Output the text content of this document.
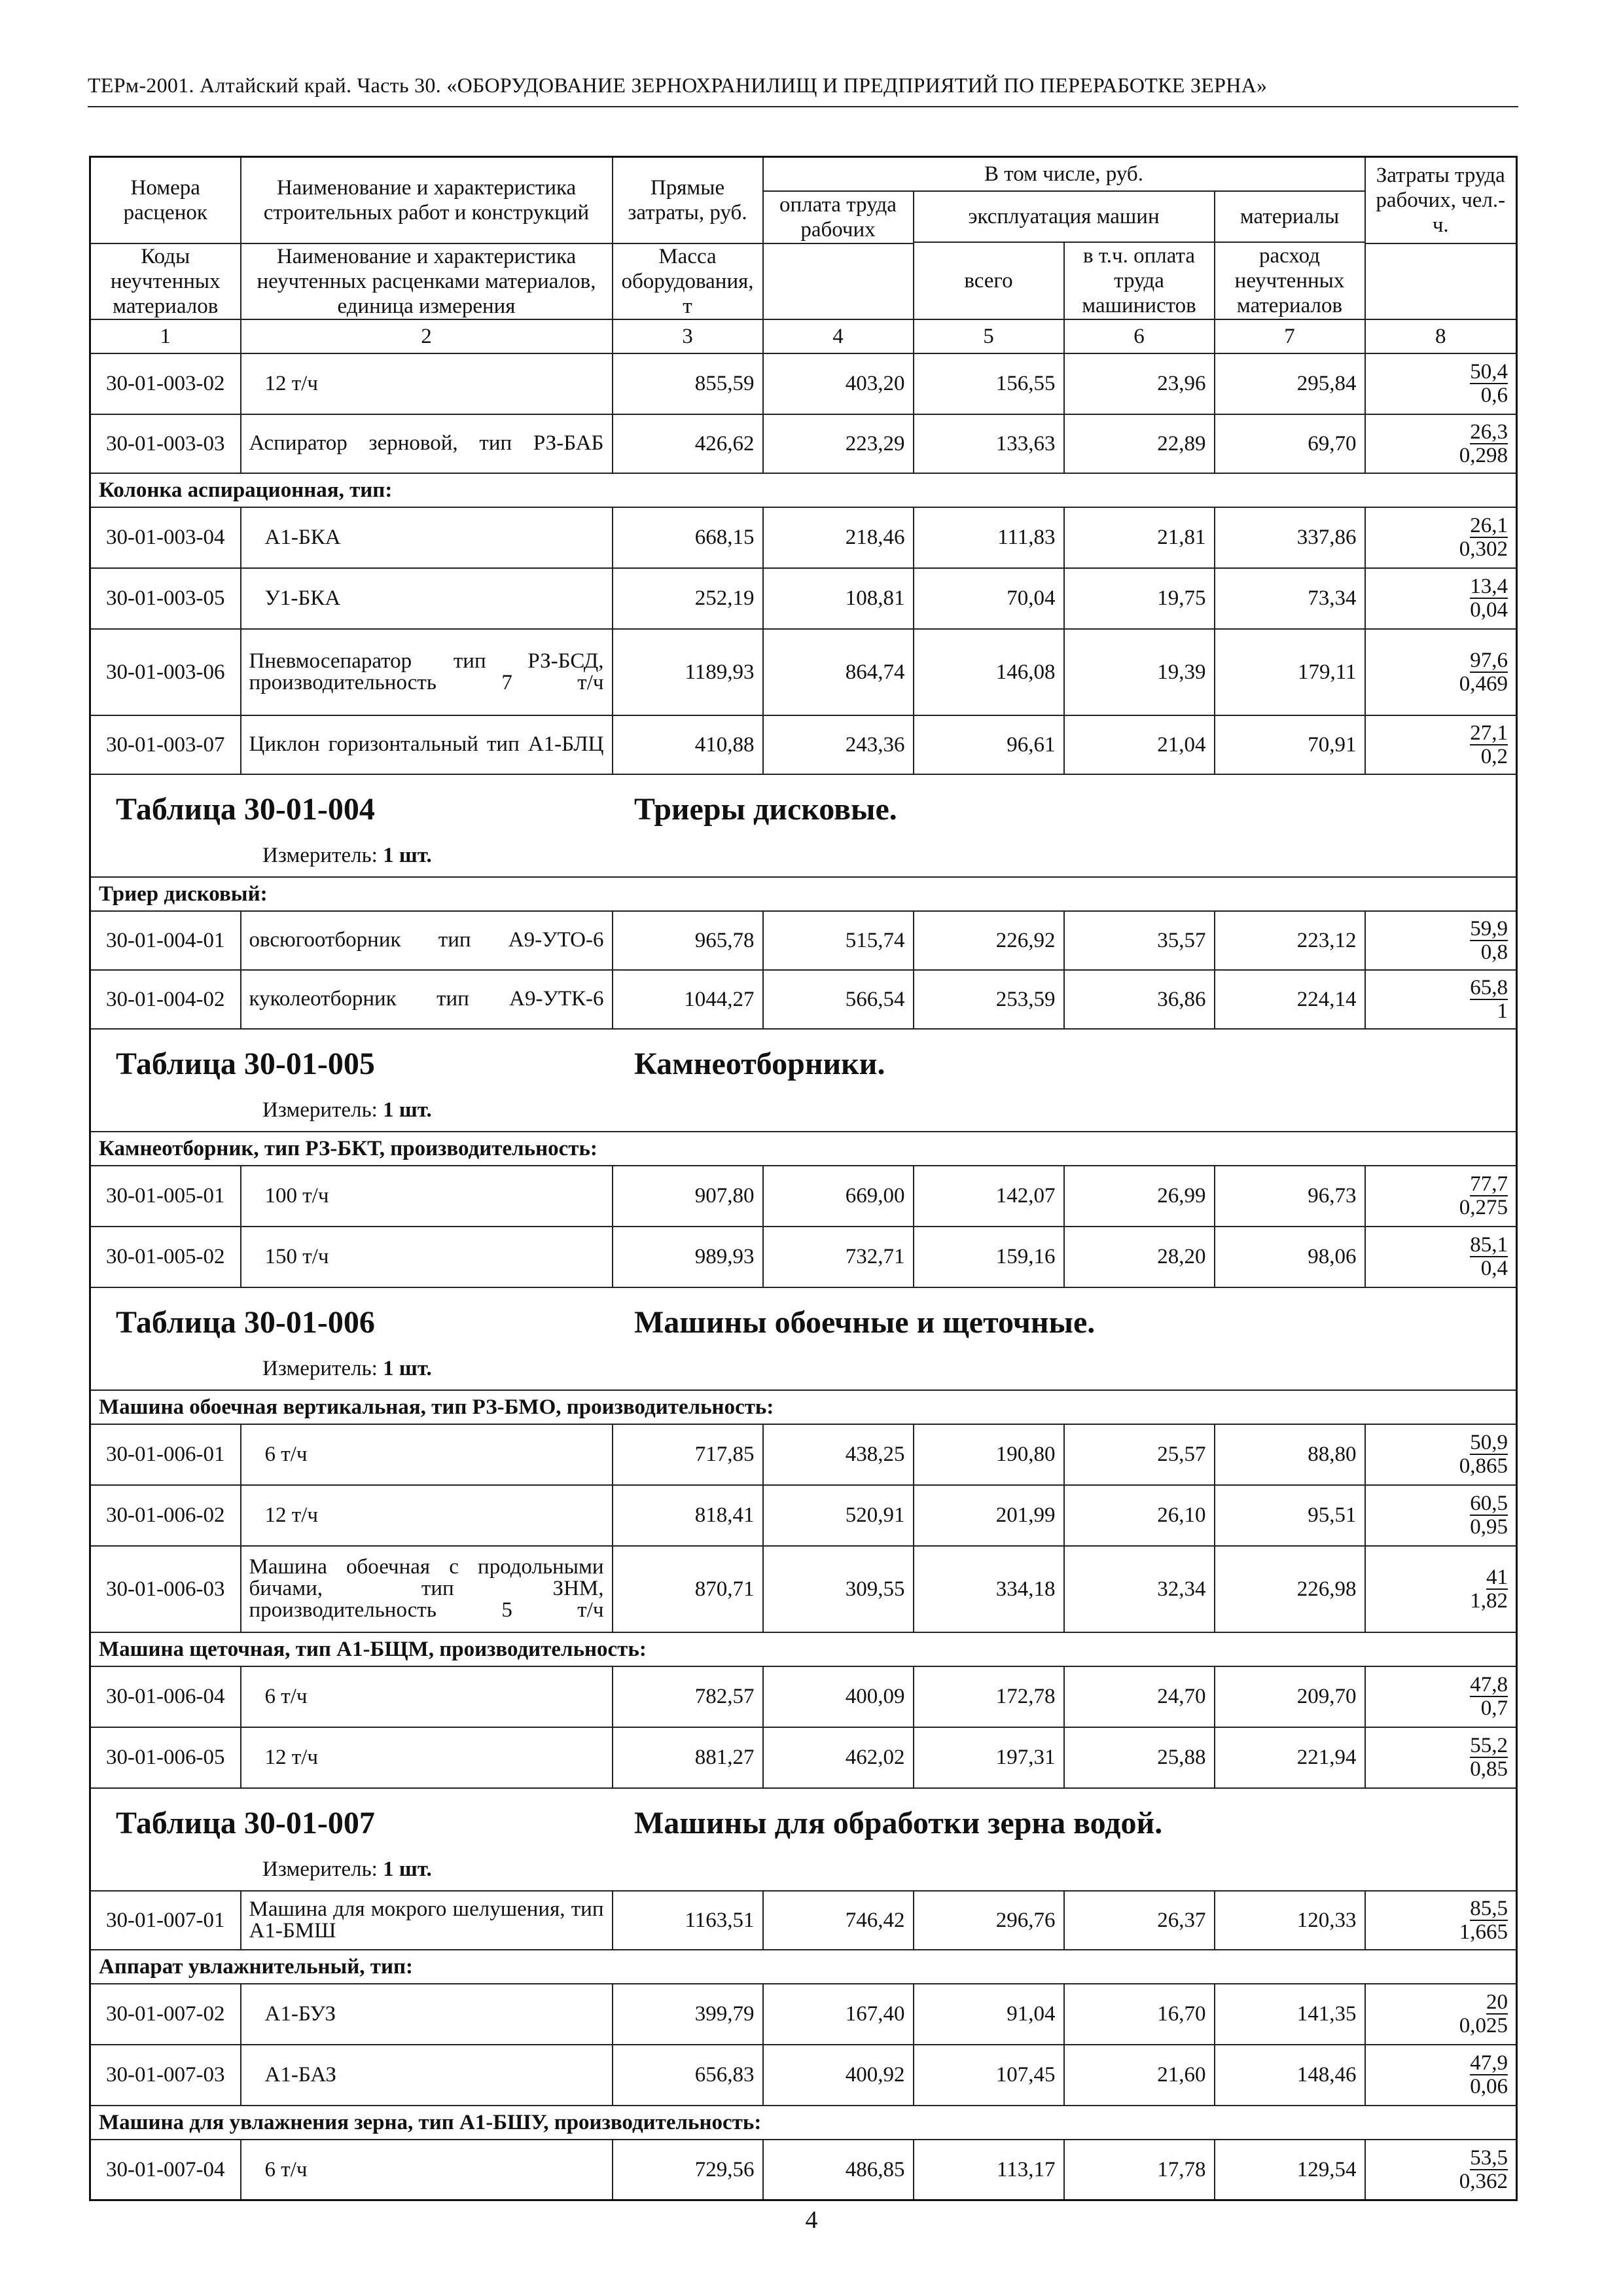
ТЕРм-2001. Алтайский край. Часть 30. «ОБОРУДОВАНИЕ ЗЕРНОХРАНИЛИЩ И ПРЕДПРИЯТИЙ ПО ПЕРЕРАБОТКЕ ЗЕРНА»
Номера расценок	Наименование и характеристика строительных работ и конструкций	Прямые затраты, руб.	В том числе, руб.				Затраты труда рабочих, чел.-ч.
			оплата труда рабочих	эксплуатация машин		материалы	
				всего	в т.ч. оплата труда машинистов	расход неучтенных материалов	
Коды неучтенных материалов	Наименование и характеристика неучтенных расценками материалов, единица измерения	Масса оборудования, т					
1	2	3	4	5	6	7	8
30-01-003-02	12 т/ч	855,59	403,20	156,55	23,96	295,84	$\frac{50,4}{0,6}$

30-01-003-03	Аспиратор зерновой, тип РЗ-БАБ	426,62	223,29	133,63	22,89	69,70	$\frac{26,3}{0,298}$

Колонка аспирационная, тип:							
30-01-003-04	А1-БКА	668,15	218,46	111,83	21,81	337,86	$\frac{26,1}{0,302}$

30-01-003-05	У1-БКА	252,19	108,81	70,04	19,75	73,34	$\frac{13,4}{0,04}$

30-01-003-06	Пневмосепаратор тип РЗ-БСД, производительность 7 т/ч	1189,93	864,74	146,08	19,39	179,11	$\frac{97,6}{0,469}$

30-01-003-07	Циклон горизонтальный тип А1-БЛЦ	410,88	243,36	96,61	21,04	70,91	$\frac{27,1}{0,2}$

Таблица 30-01-004 Триеры дисковые.
Измеритель: 1 шт.							

Триер дисковый:							
30-01-004-01	овсюгоотборник тип А9-УТО-6	965,78	515,74	226,92	35,57	223,12	$\frac{59,9}{0,8}$

30-01-004-02	куколеотборник тип А9-УТК-6	1044,27	566,54	253,59	36,86	224,14	$\frac{65,8}{1}$

Таблица 30-01-005 Камнеотборники.
Измеритель: 1 шт.							

Камнеотборник, тип РЗ-БКТ, производительность:							
30-01-005-01	100 т/ч	907,80	669,00	142,07	26,99	96,73	$\frac{77,7}{0,275}$

30-01-005-02	150 т/ч	989,93	732,71	159,16	28,20	98,06	$\frac{85,1}{0,4}$

Таблица 30-01-006 Машины обоечные и щеточные.
Измеритель: 1 шт.							

Машина обоечная вертикальная, тип РЗ-БМО, производительность:							
30-01-006-01	6 т/ч	717,85	438,25	190,80	25,57	88,80	$\frac{50,9}{0,865}$

30-01-006-02	12 т/ч	818,41	520,91	201,99	26,10	95,51	$\frac{60,5}{0,95}$

30-01-006-03	Машина обоечная с продольными бичами, тип ЗНМ, производительность 5 т/ч	870,71	309,55	334,18	32,34	226,98	$\frac{41}{1,82}$

Машина щеточная, тип А1-БЩМ, производительность:							
30-01-006-04	6 т/ч	782,57	400,09	172,78	24,70	209,70	$\frac{47,8}{0,7}$

30-01-006-05	12 т/ч	881,27	462,02	197,31	25,88	221,94	$\frac{55,2}{0,85}$

Таблица 30-01-007 Машины для обработки зерна водой.
Измеритель: 1 шт.							

30-01-007-01	Машина для мокрого шелушения, тип А1-БМШ	1163,51	746,42	296,76	26,37	120,33	$\frac{85,5}{1,665}$

Аппарат увлажнительный, тип:							
30-01-007-02	А1-БУЗ	399,79	167,40	91,04	16,70	141,35	$\frac{20}{0,025}$

30-01-007-03	А1-БАЗ	656,83	400,92	107,45	21,60	148,46	$\frac{47,9}{0,06}$

Машина для увлажнения зерна, тип А1-БШУ, производительность:							
30-01-007-04	6 т/ч	729,56	486,85	113,17	17,78	129,54	$\frac{53,5}{0,362}$
4
